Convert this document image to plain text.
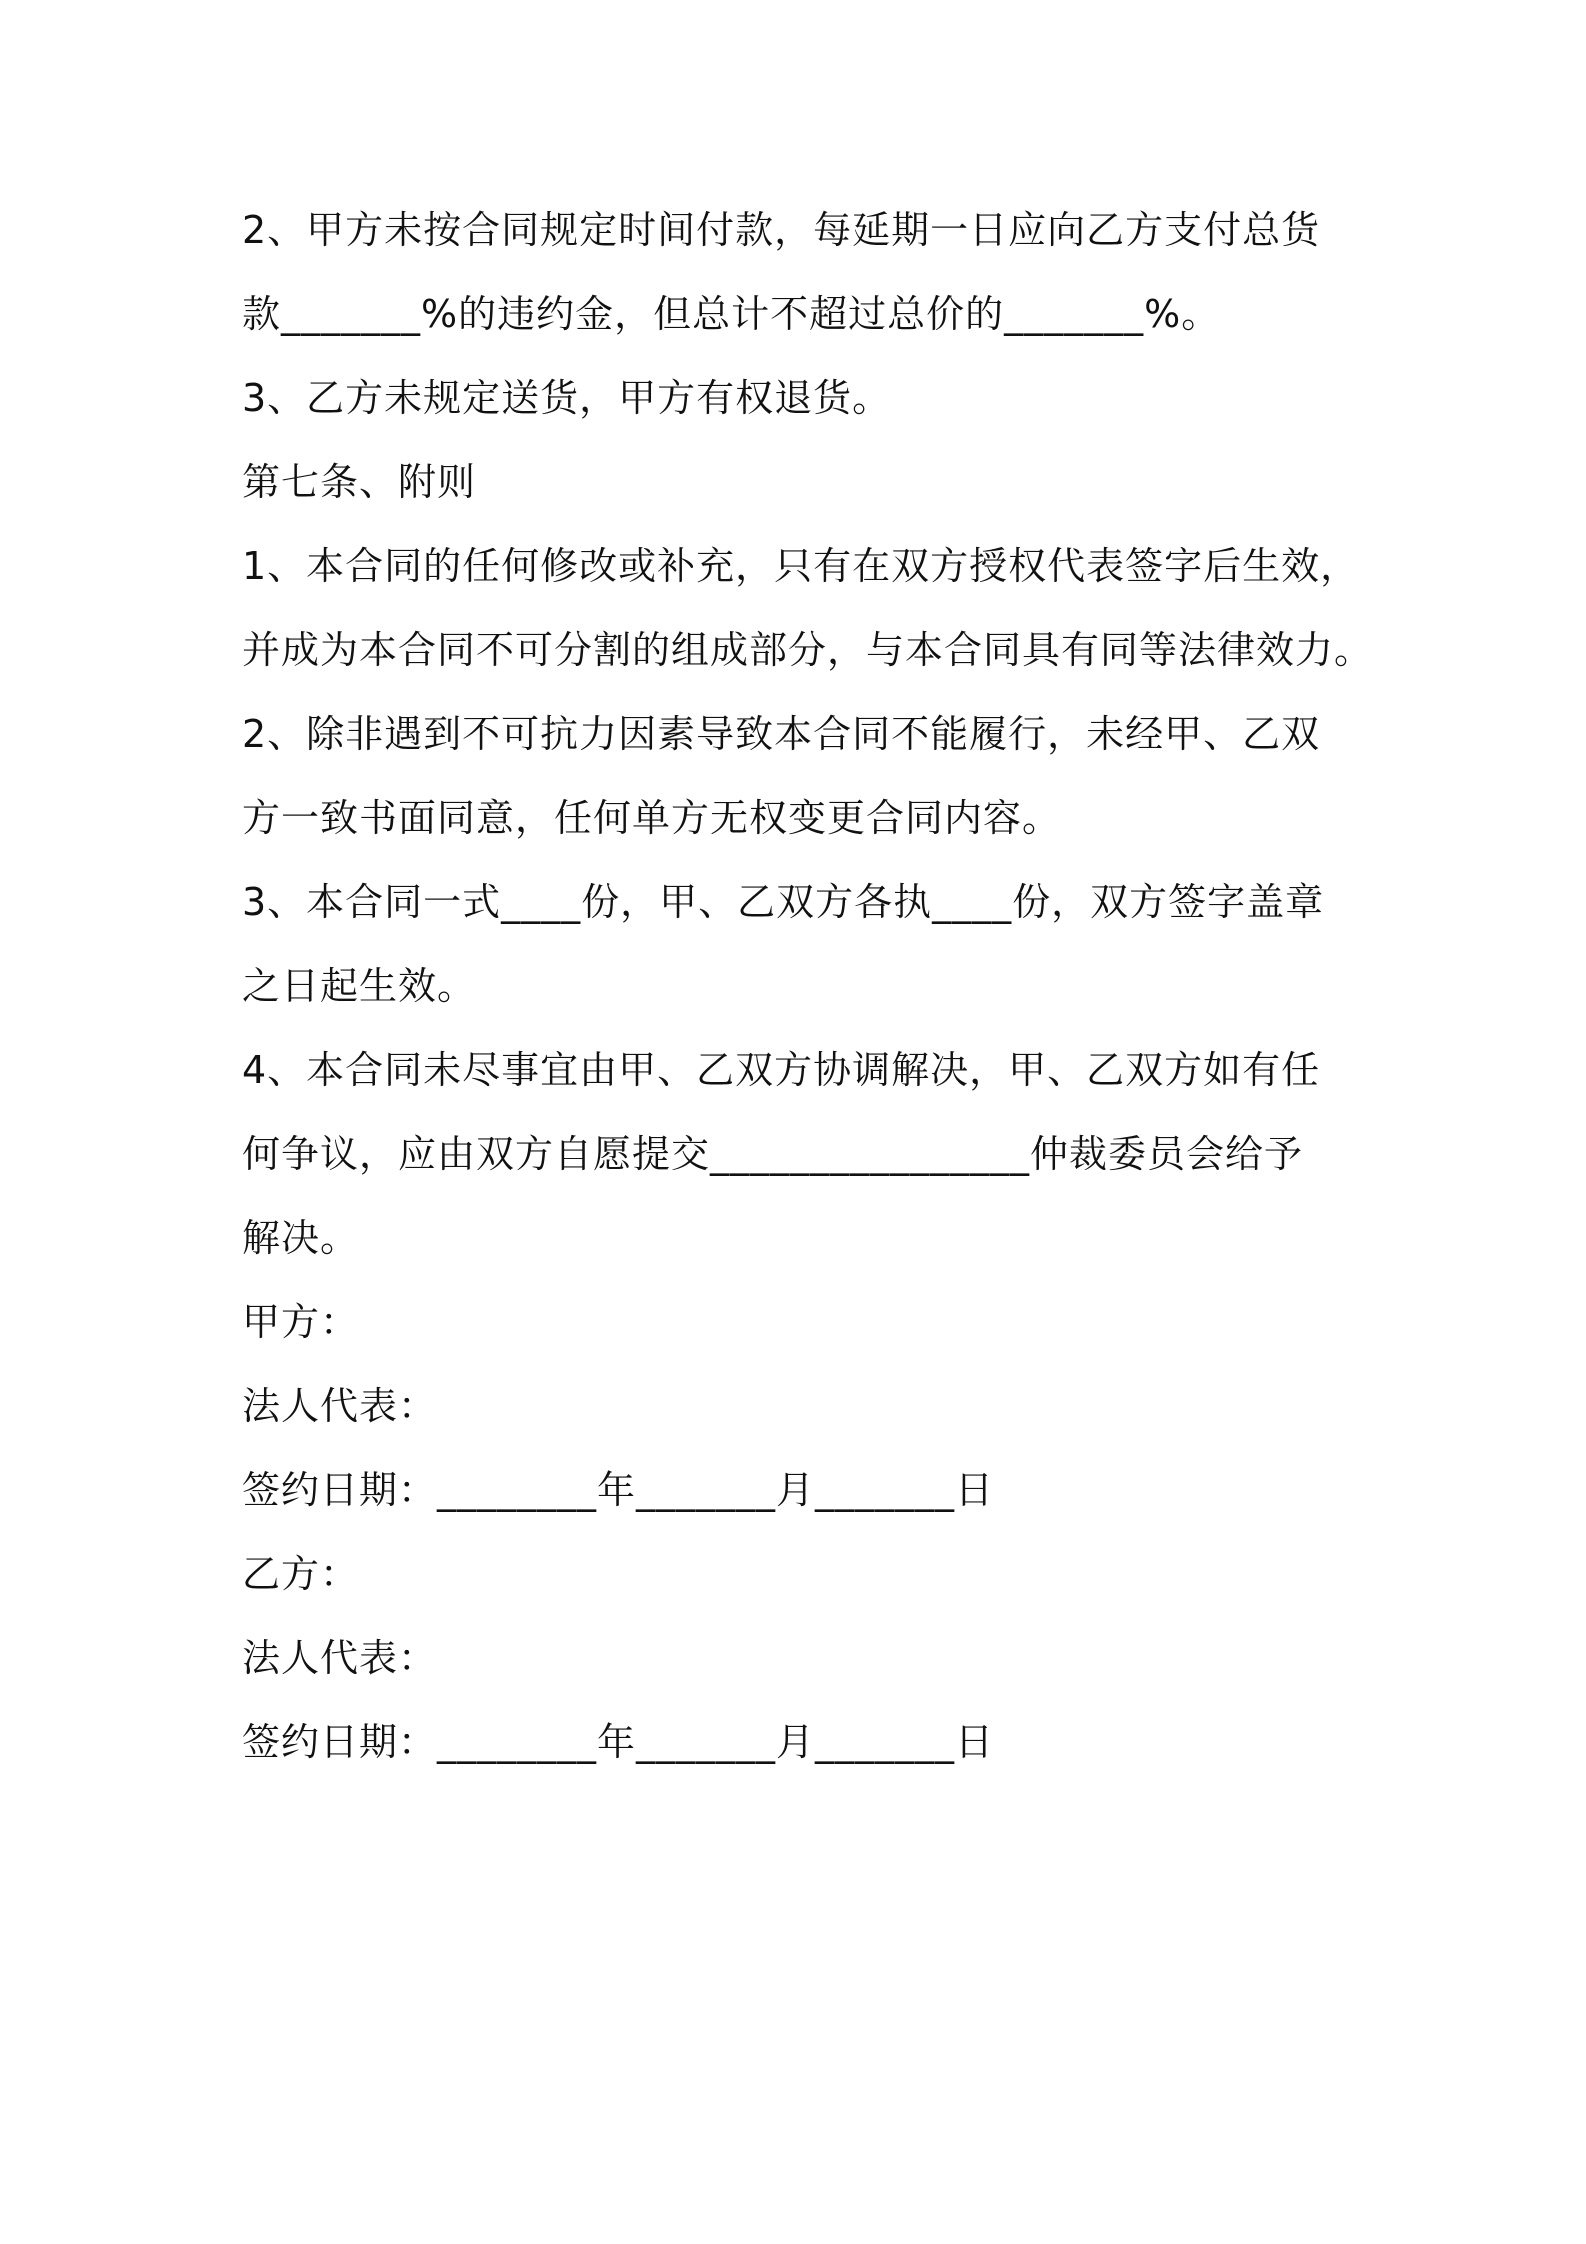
2、甲方未按合同规定时间付款，每延期一日应向乙方支付总货
款_______%的违约金，但总计不超过总价的_______%。
3、乙方未规定送货，甲方有权退货。
第七条、附则
1、本合同的任何修改或补充，只有在双方授权代表签字后生效，
并成为本合同不可分割的组成部分，与本合同具有同等法律效力。
2、除非遇到不可抗力因素导致本合同不能履行，未经甲、乙双
方一致书面同意，任何单方无权变更合同内容。
3、本合同一式____份，甲、乙双方各执____份，双方签字盖章
之日起生效。
4、本合同未尽事宜由甲、乙双方协调解决，甲、乙双方如有任
何争议，应由双方自愿提交________________仲裁委员会给予
解决。
甲方：
法人代表：
签约日期：________年_______月_______日
乙方：
法人代表：
签约日期：________年_______月_______日
